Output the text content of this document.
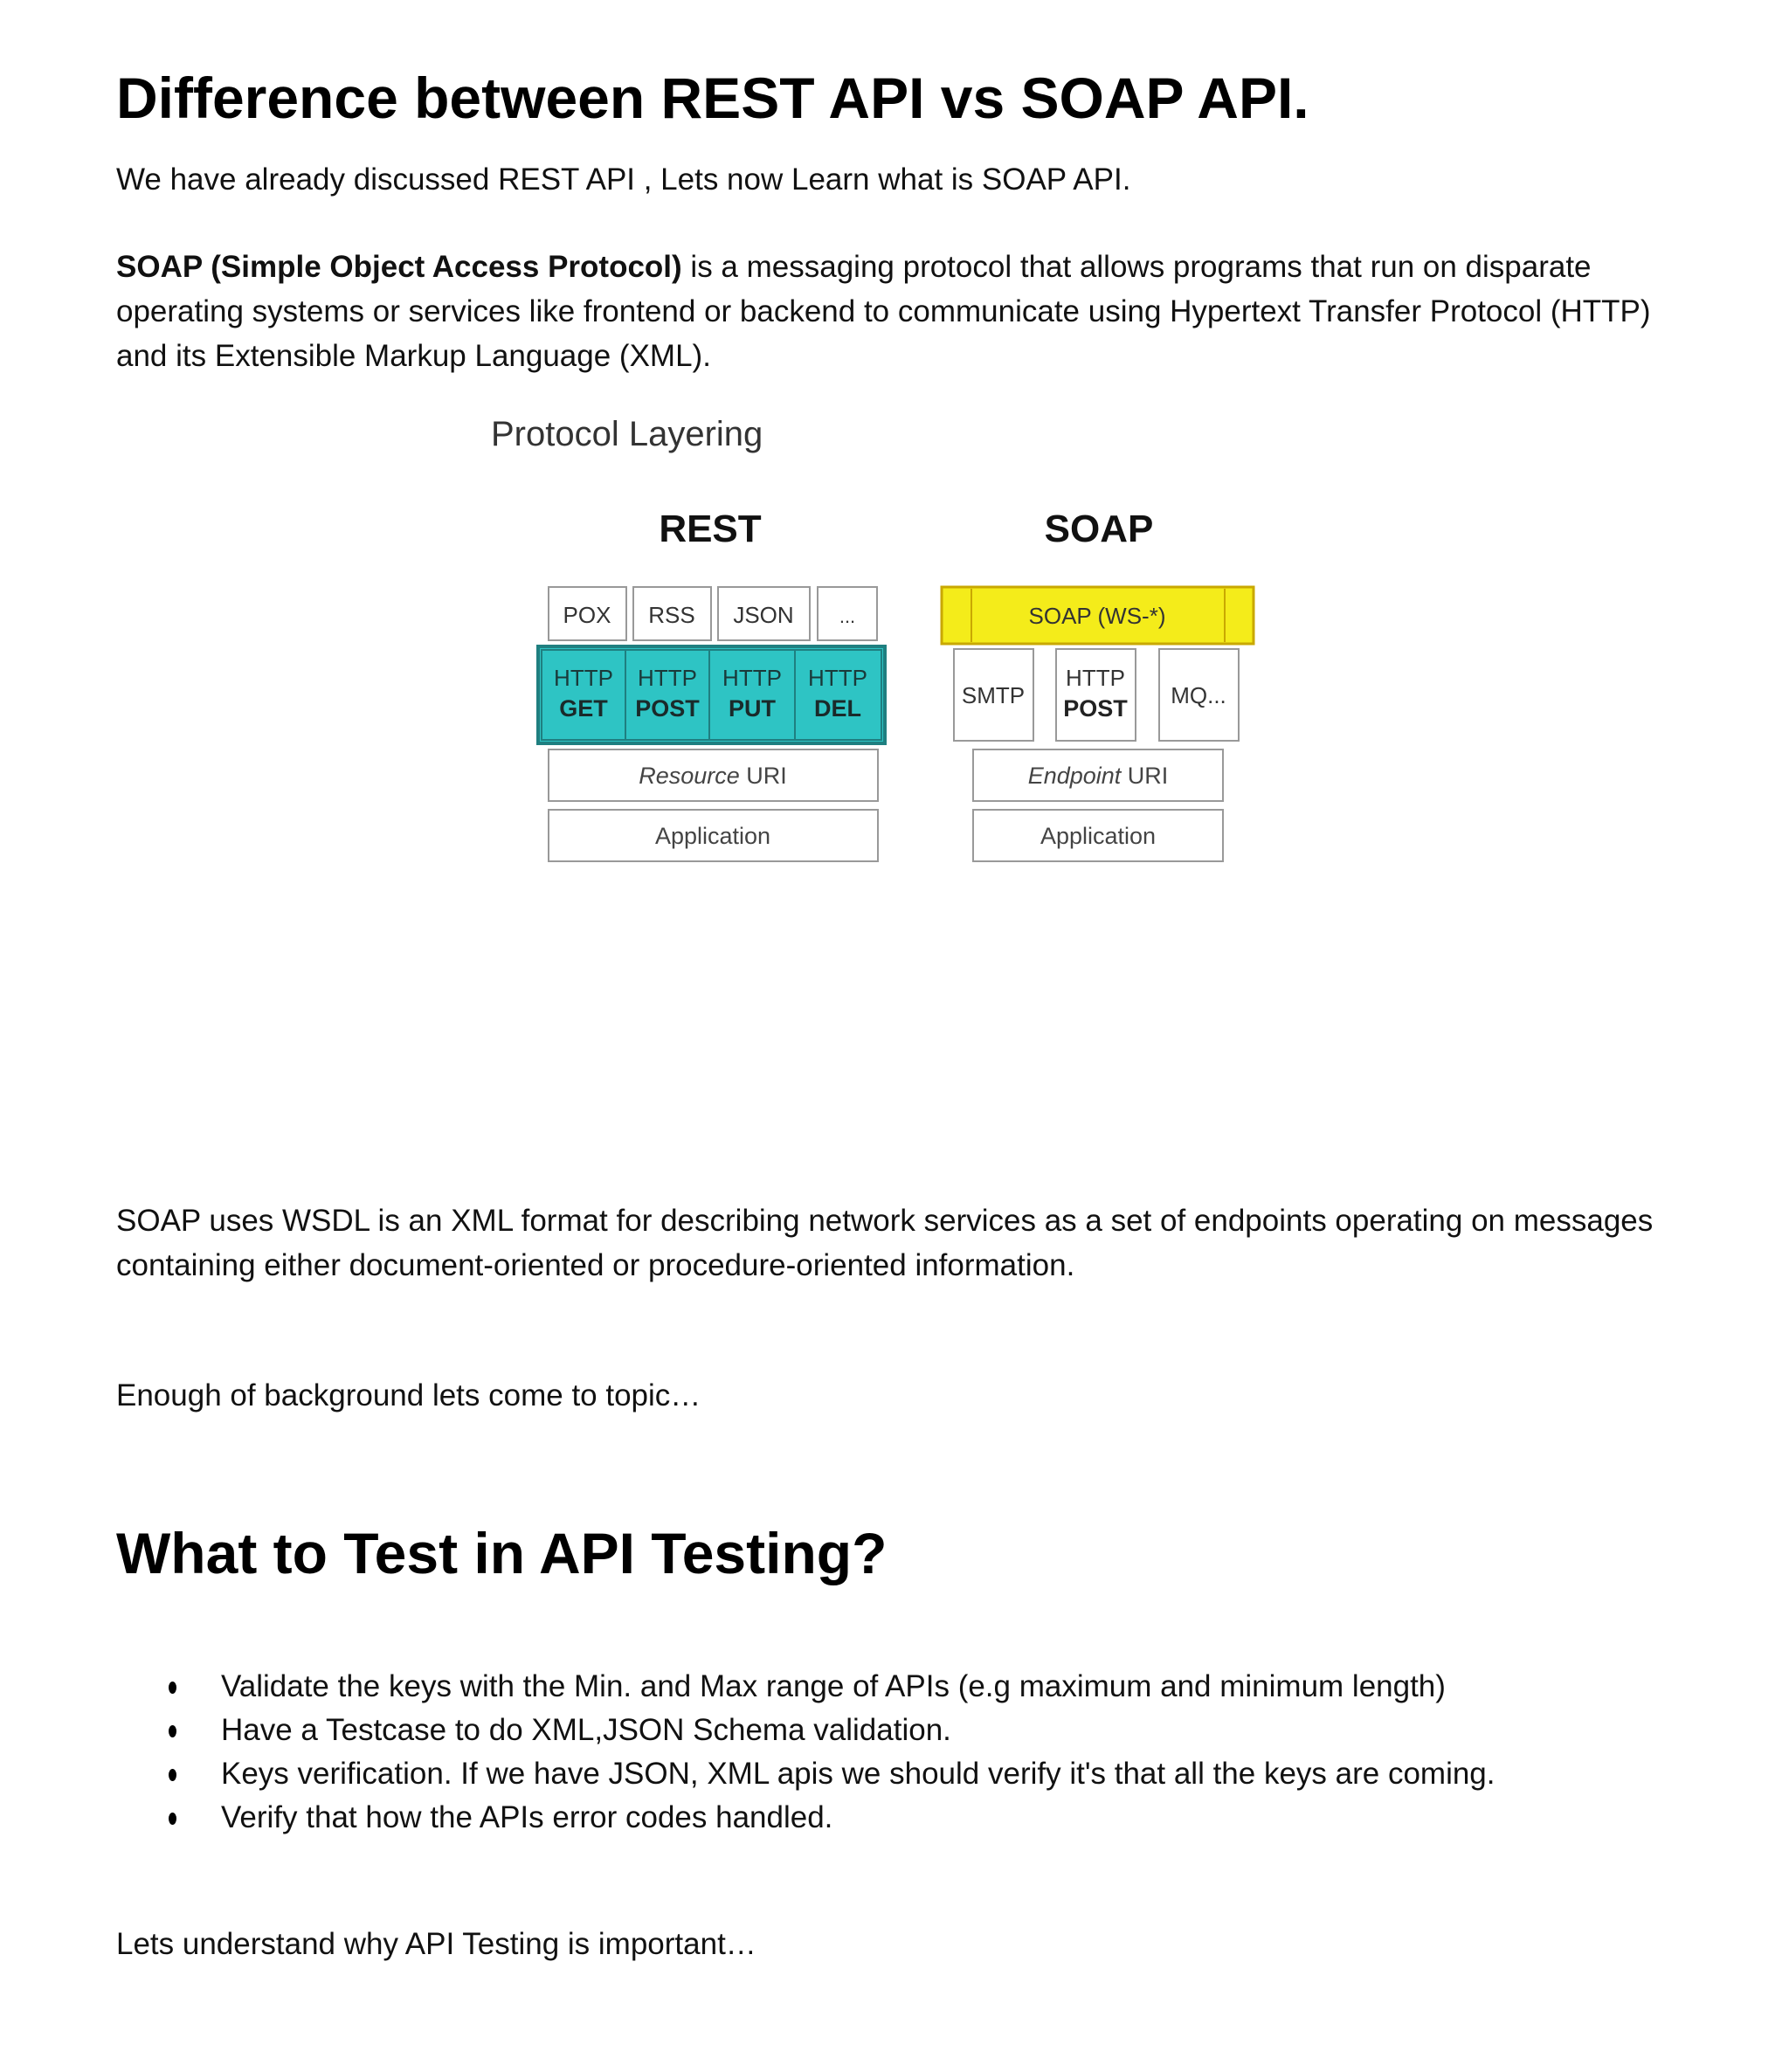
Difference between REST API vs SOAP API.

We have already discussed REST API , Lets now Learn what is SOAP API.

SOAP (Simple Object Access Protocol) is a messaging protocol that allows programs that run on disparate operating systems or services like frontend or backend to communicate using Hypertext Transfer Protocol (HTTP) and its Extensible Markup Language (XML).

Protocol Layering
REST	SOAP
POX RSS JSON ...
HTTP
GET
HTTP
POST
HTTP
PUT
HTTP
DEL
Resource URI
Application
SOAP (WS-*)
SMTP
HTTP
POST MQ...
Endpoint URI
Application

SOAP uses WSDL is an XML format for describing network services as a set of endpoints operating on messages containing either document-oriented or procedure-oriented information.

Enough of background lets come to topic…

What to Test in API Testing?
Validate the keys with the Min. and Max range of APIs (e.g maximum and minimum length)
Have a Testcase to do XML,JSON Schema validation.
Keys verification. If we have JSON, XML apis we should verify it's that all the keys are coming.
Verify that how the APIs error codes handled.

Lets understand why API Testing is important…
